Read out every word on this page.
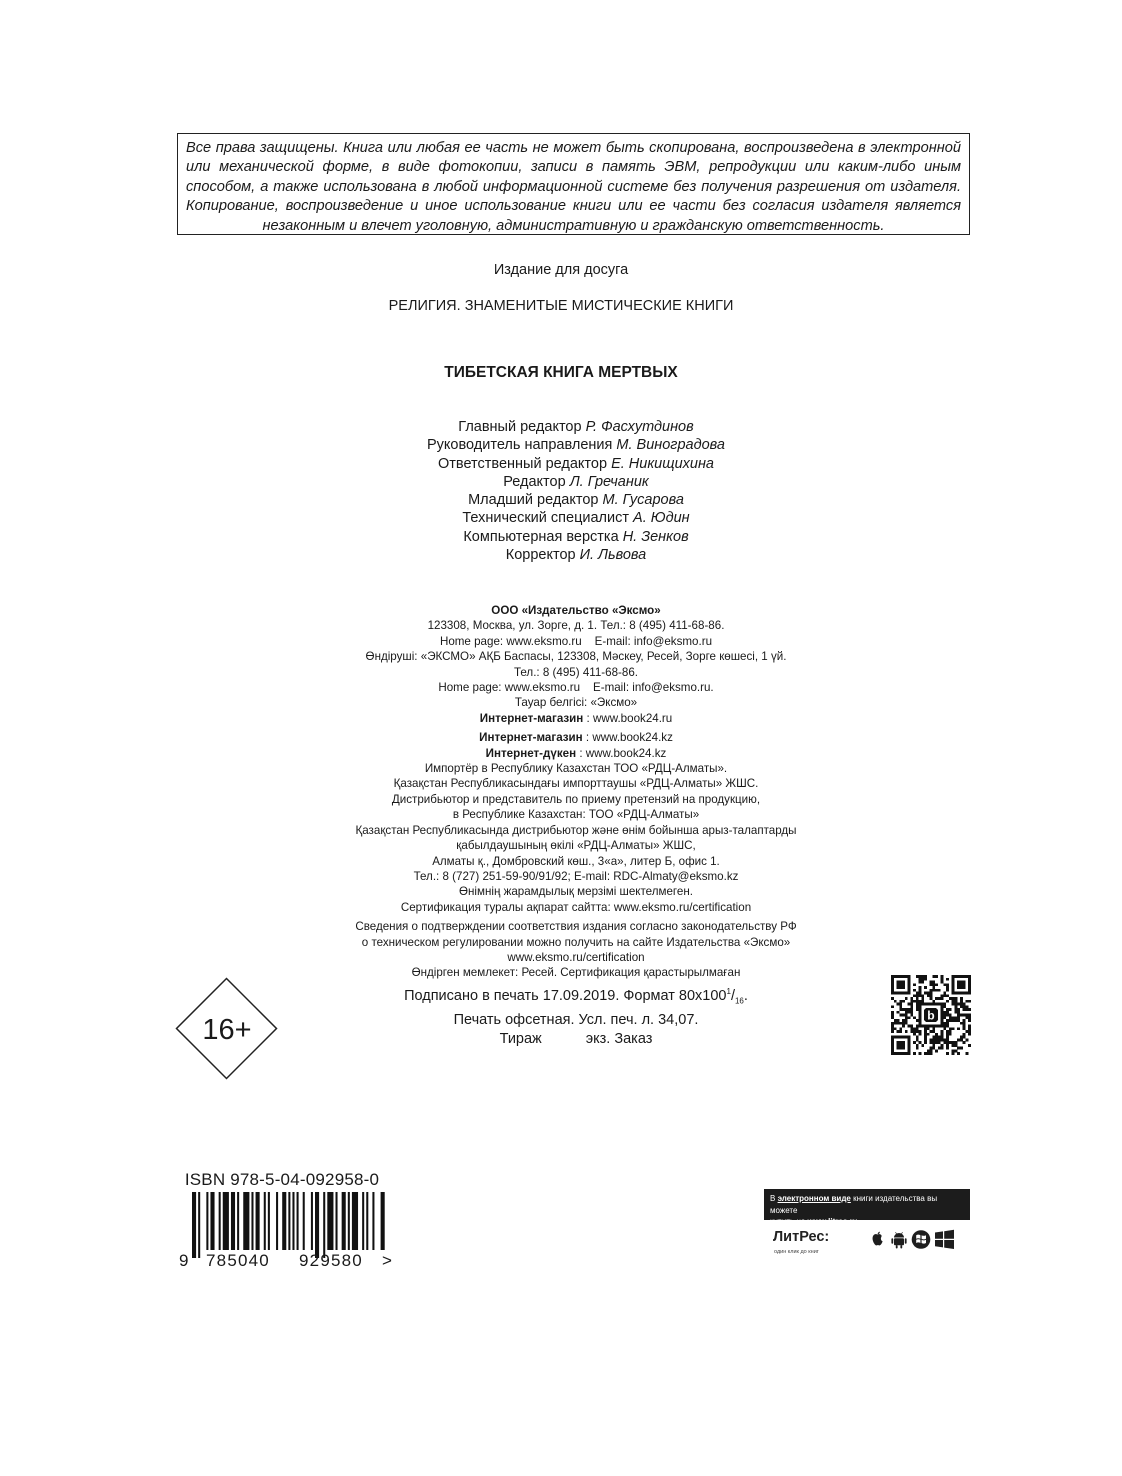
Все права защищены. Книга или любая ее часть не может быть скопирована, воспроизведена в электронной или механической форме, в виде фотокопии, записи в память ЭВМ, репродукции или каким-либо иным способом, а также использована в любой информационной системе без получения разрешения от издателя. Копирование, воспроизведение и иное использование книги или ее части без согласия издателя является незаконным и влечет уголовную, административную и гражданскую ответственность.
Издание для досуга
РЕЛИГИЯ. ЗНАМЕНИТЫЕ МИСТИЧЕСКИЕ КНИГИ
ТИБЕТСКАЯ КНИГА МЕРТВЫХ
Главный редактор Р. Фасхутдинов
Руководитель направления М. Виноградова
Ответственный редактор Е. Никищихина
Редактор Л. Гречаник
Младший редактор М. Гусарова
Технический специалист А. Юдин
Компьютерная верстка Н. Зенков
Корректор И. Львова
ООО «Издательство «Эксмо»
123308, Москва, ул. Зорге, д. 1. Тел.: 8 (495) 411-68-86.
Home page: www.eksmo.ru    E-mail: info@eksmo.ru
Өндіруші: «ЭКСМО» АҚБ Баспасы, 123308, Мәскеу, Ресей, Зорге көшесі, 1 үй.
Тел.: 8 (495) 411-68-86.
Home page: www.eksmo.ru    E-mail: info@eksmo.ru.
Тауар белгісі: «Эксмо»
Интернет-магазин : www.book24.ru
Интернет-магазин : www.book24.kz
Интернет-дүкен : www.book24.kz
Импортёр в Республику Казахстан ТОО «РДЦ-Алматы».
Қазақстан Республикасындағы импорттаушы «РДЦ-Алматы» ЖШС.
Дистрибьютор и представитель по приему претензий на продукцию,
в Республике Казахстан: ТОО «РДЦ-Алматы»
Қазақстан Республикасында дистрибьютор және өнім бойынша арыз-талаптарды
қабылдаушының өкілі «РДЦ-Алматы» ЖШС,
Алматы қ., Домбровский көш., 3«а», литер Б, офис 1.
Тел.: 8 (727) 251-59-90/91/92; E-mail: RDC-Almaty@eksmo.kz
Өнімнің жарамдылық мерзімі шектелмеген.
Сертификация туралы ақпарат сайтта: www.eksmo.ru/certification
Сведения о подтверждении соответствия издания согласно законодательству РФ
о техническом регулировании можно получить на сайте Издательства «Эксмо»
www.eksmo.ru/certification
Өндірген мемлекет: Ресей. Сертификация қарастырылмаған
Подписано в печать 17.09.2019. Формат $80x100^1/_{16}$.
Печать офсетная. Усл. печ. л. 34,07.
Тираж	экз. Заказ
16+	b
ISBN 978-5-04-092958-0
9 785040 929580 >
В электронном виде книги издательства вы можете
купить на www.litres.ru
ЛитРес:
один клик до книг
